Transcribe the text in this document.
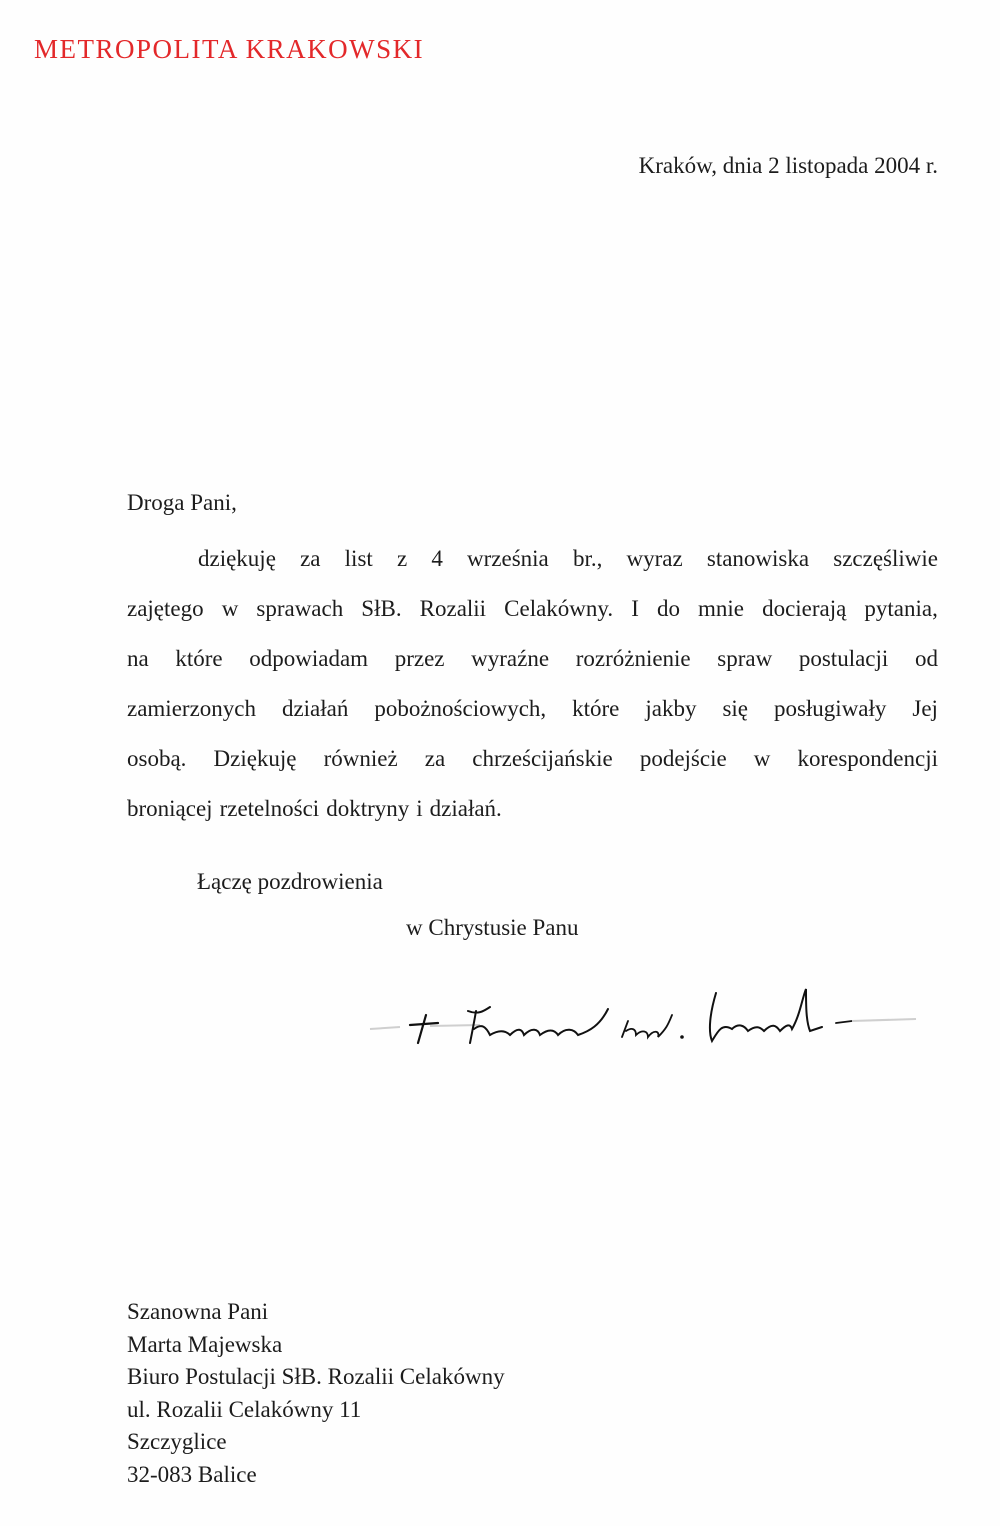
METROPOLITA KRAKOWSKI
Kraków, dnia 2 listopada 2004 r.
Droga Pani,
dziękuję za list z 4 września br., wyraz stanowiska szczęśliwie
zajętego w sprawach SłB. Rozalii Celakówny. I do mnie docierają pytania,
na które odpowiadam przez wyraźne rozróżnienie spraw postulacji od
zamierzonych działań pobożnościowych, które jakby się posługiwały Jej
osobą. Dziękuję również za chrześcijańskie podejście w korespondencji
broniącej rzetelności doktryny i działań.
Łączę pozdrowienia
w Chrystusie Panu
Szanowna Pani
Marta Majewska
Biuro Postulacji SłB. Rozalii Celakówny
ul. Rozalii Celakówny 11
Szczyglice
32-083 Balice
